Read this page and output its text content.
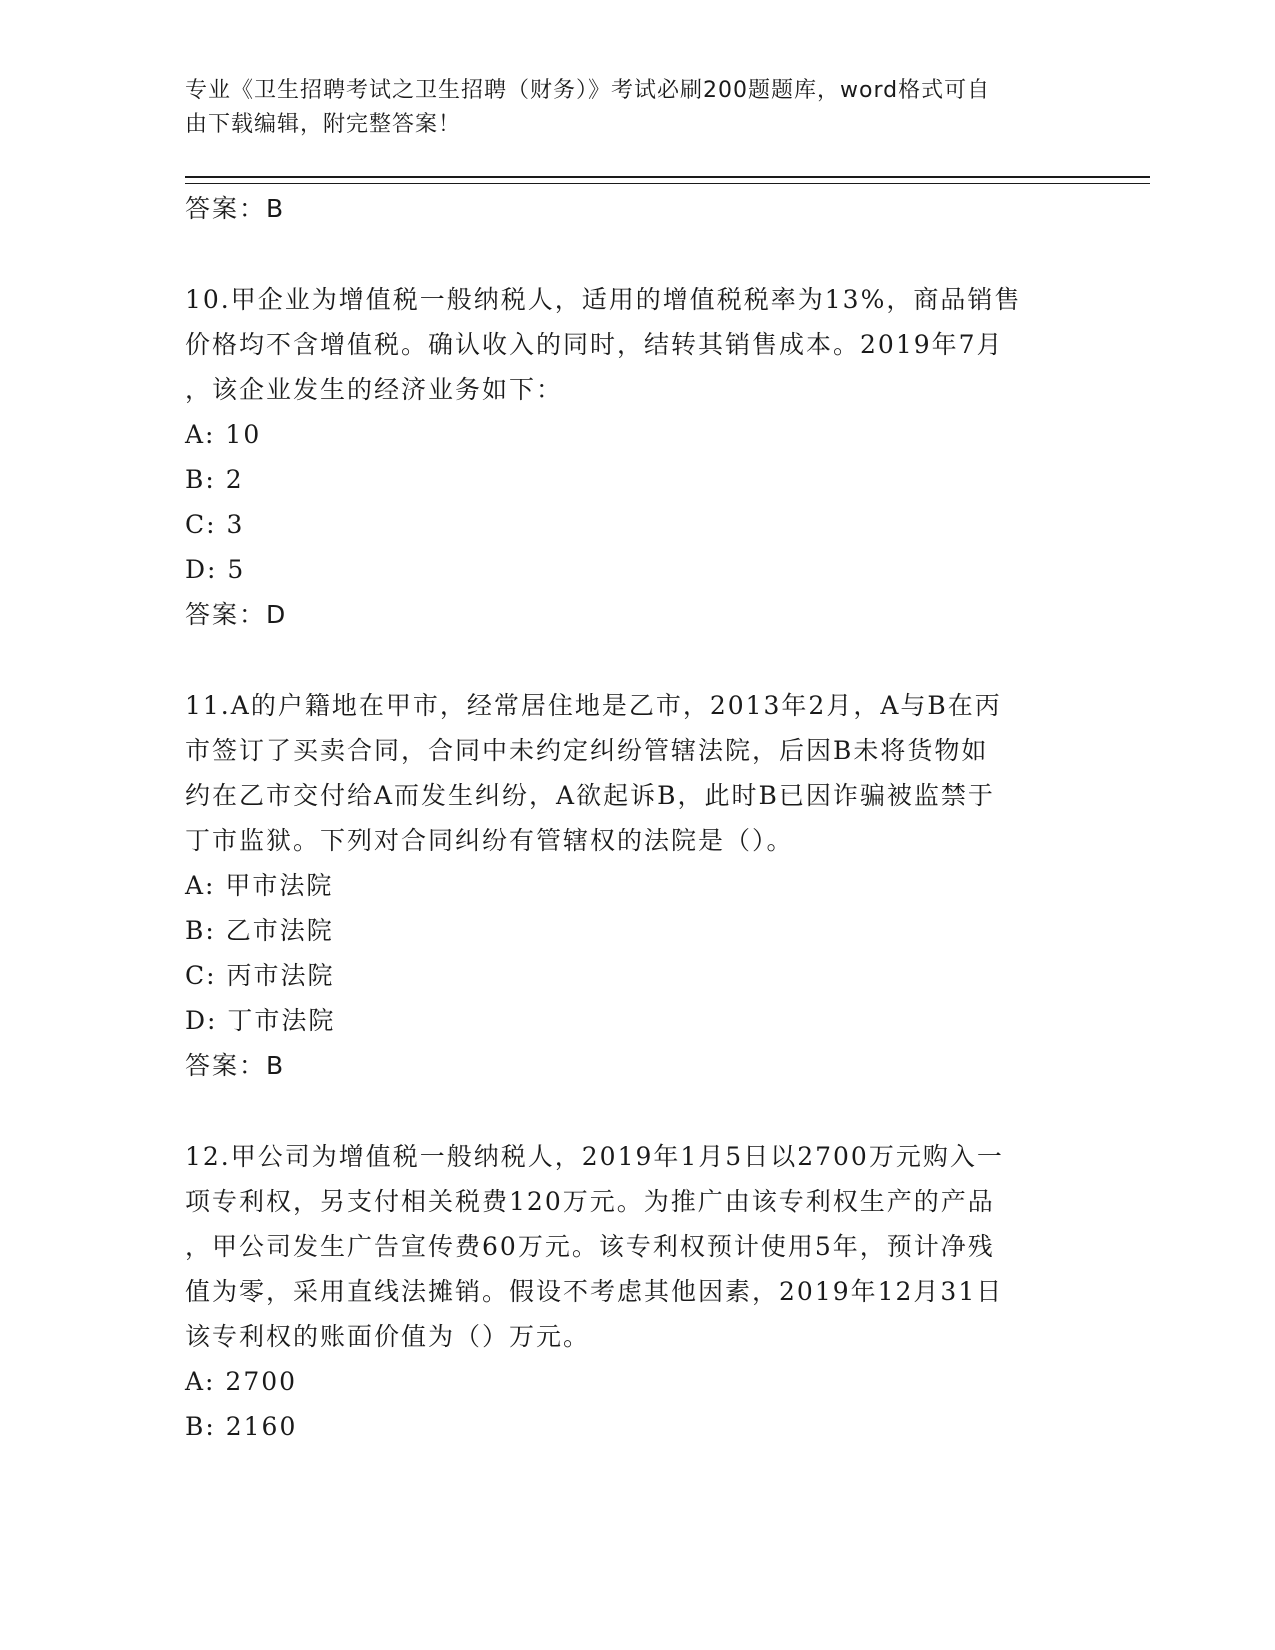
专业《卫生招聘考试之卫生招聘（财务）》考试必刷200题题库，word格式可自
由下载编辑，附完整答案！
答案：B
10.甲企业为增值税一般纳税人，适用的增值税税率为13%，商品销售
价格均不含增值税。确认收入的同时，结转其销售成本。2019年7月
，该企业发生的经济业务如下：
A: 10
B: 2
C: 3
D: 5
答案：D
11.A的户籍地在甲市，经常居住地是乙市，2013年2月，A与B在丙
市签订了买卖合同，合同中未约定纠纷管辖法院，后因B未将货物如
约在乙市交付给A而发生纠纷，A欲起诉B，此时B已因诈骗被监禁于
丁市监狱。下列对合同纠纷有管辖权的法院是（）。
A: 甲市法院
B: 乙市法院
C: 丙市法院
D: 丁市法院
答案：B
12.甲公司为增值税一般纳税人，2019年1月5日以2700万元购入一
项专利权，另支付相关税费120万元。为推广由该专利权生产的产品
，甲公司发生广告宣传费60万元。该专利权预计使用5年，预计净残
值为零，采用直线法摊销。假设不考虑其他因素，2019年12月31日
该专利权的账面价值为（）万元。
A: 2700
B: 2160
